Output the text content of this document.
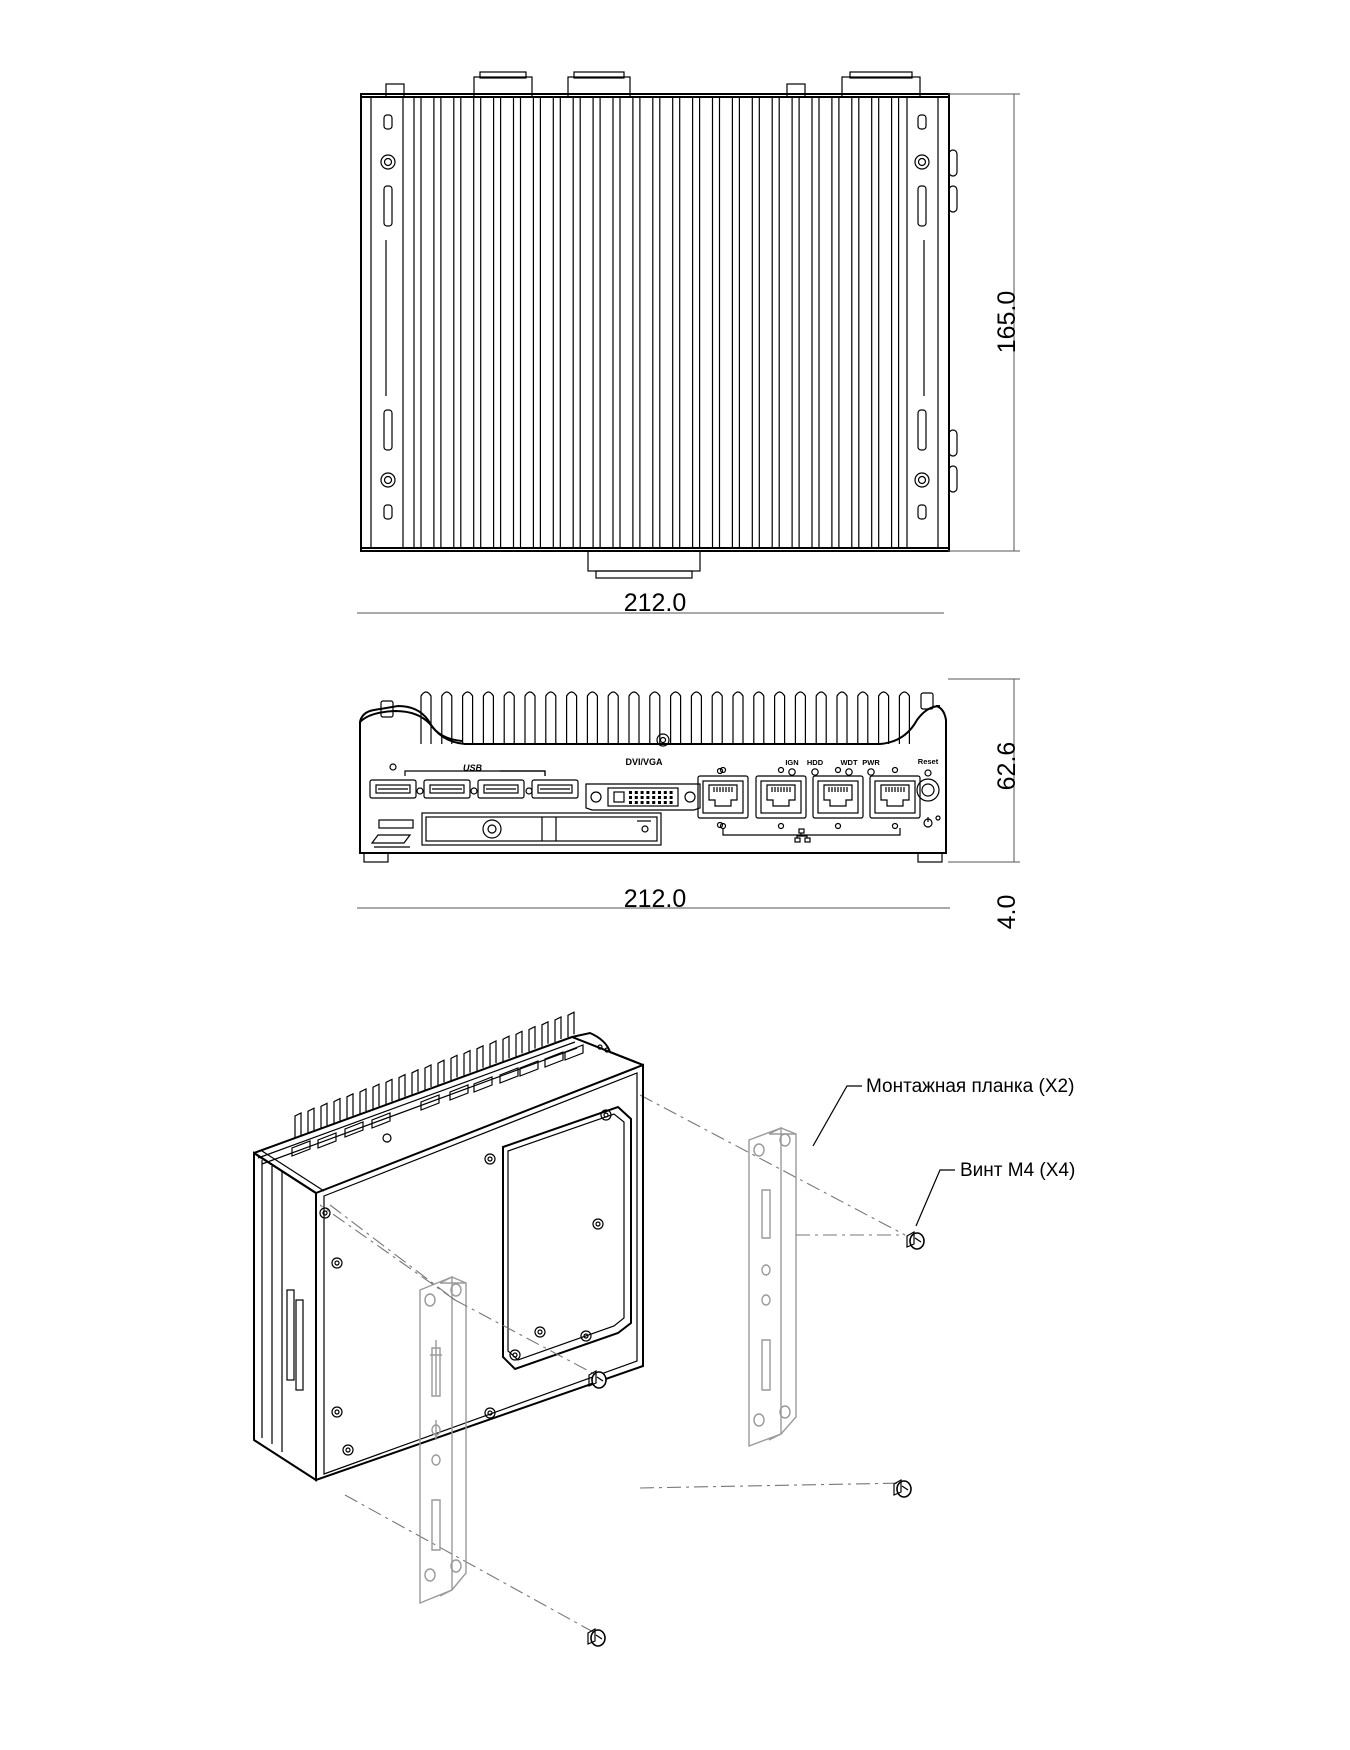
212.0
165.0
USB
DVI/VGA	IGN HDD WDT PWR	Reset
212.0
62.6
4.0
Монтажная планка (X2)
Винт M4 (X4)
